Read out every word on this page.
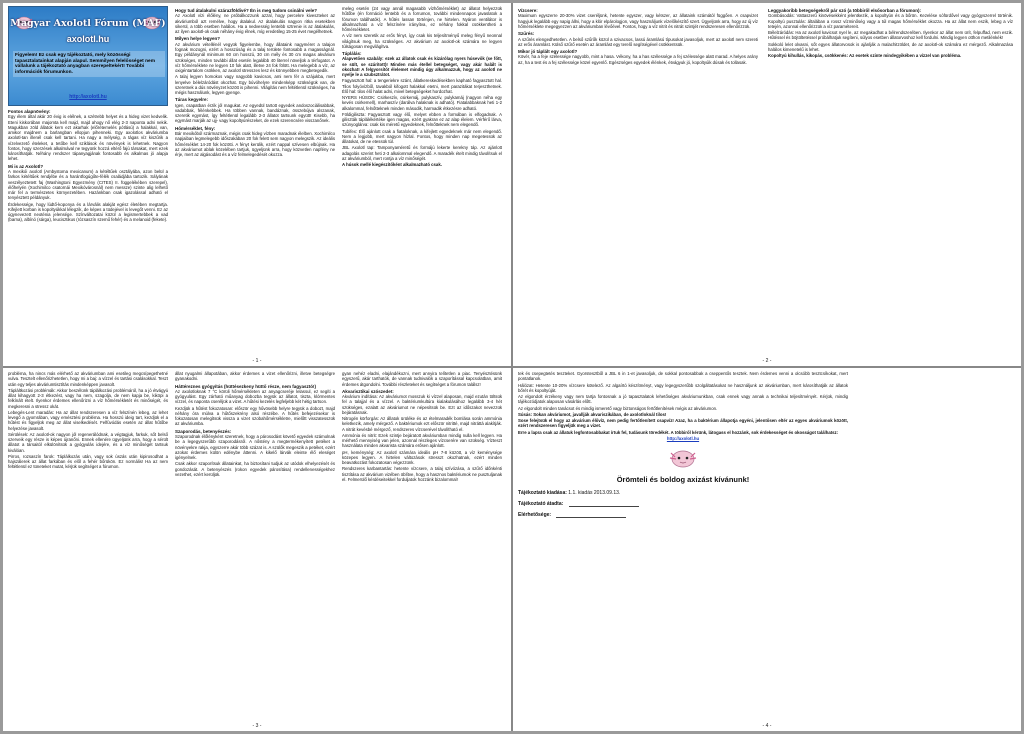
Magyar Axolotl Fórum (MAF)
axolotl.hu
Figyelem! Ez csak egy tájékoztató, mely közösségi tapasztalatainkat alapján alapul. Semmilyen felelősséget nem vállalunk a tájékoztató anyagban szerepeltekért! További információk fórumunkon.
http://axolotl.hu
Fontos alapnövény:

Egy élem által akár 20 évig is elélnek, a szétrebb helyet és a hideg vizet kedvelik. Eteni kiskorában majomta kell majd, majd ahogy nő elég 2-3 naponta adni nekik. Magukban zöld állatok kern ezt akarhak (előrétemelés pótlású) a halakkal, van, amikor majdnem a barlangban ellopjun pihenneki. Egy axolotlos akváriumba axolotl-tan illenél csak kell tartani. Ha nagy a mélység, a tágas víz kiszűrik a vízelvezető ételeket, a tetőbe kell sziklások és növények is lehetnek. Nagyon fontos, hogy szerzések alkalmával ne tegyünk hozzá eltérő fajú társakat, mert ezek károsíthatják. Néhány rendszer tápanyagjának fontosabb és alkalmas jó alapja lehet.

Mi is az Axolotl?

A mexikói axolotl (Ambystoma mexicanum) a kétéltűek osztályába, azon belül a farkos kétéltűek rendjébe és a harántfogúgőte-félék családjába tartozik. Sályának veszélyeztetett faj (Washingtoni Egyezmény (CITES) II. függelékében szerepel), élőhelyén (Xochimilco csatornái Mexikóvárosnál) nem messze) szinte alig lelhető már fel a természetes környezetében. Hazánkban csak igazolással adható el tenyésztett példányuk.

Érdekessége, hogy lúdtő-koponya és a lárvális alakját egész életében megtartja. Kifejlett korban is kopoltyúkkal lélegzik, de képes a tüdejével is levegőt venni. Ez az úgynevezett neoténia jelensége. Színváltozatai közül a legismertebbek a vad (barna), albínó (sárga), leucisztikus (rózsaszín szemű fehér) és a melanoid (fekete).

Hogy tud átalakulni szárazföldivé? Én is meg tudom csinálni vele?

Az Axolotl vízi élőlény, ne próbálkozzunk azzal, hogy percekre kiveszteket az akváriumból azt remélve, hogy átalakul. Az átalakulás nagyon ritka esetekben sikerül, a több esetben halálos. Ha a nedvesség lentebb sztrenie is az átalakulás, az ilyen axolotl-ok csak néhány évig élnek, míg eredetileg 15-25 évet megélhetnek.

Milyen helye legyen?

Az akvárium vétellénél vegyük figyelembe, hogy állataink nagyméret a talajon fognak mozogni, ezért a hosszúság és a talaj területe fontosabb a magasságnál. Egy példánynál minimum 60 cm hosszú, 30 cm mély és 30 cm magas akvárium szükséges, minden további állat esetén legalább 40 literrel növeljük a térfogatot. A víz hőmérséklete ne legyen 10 fok alatt, illetve 24 fok fölött. Ha melegebb a víz, az oxigéntartalom csökken, az axolotl stresszes lesz és könnyebben megbetegedik.

A talaj legyen homokos vagy nagyobb kavicsos, ami nem fér a szájukba, mert lenyelve bélelzáródást okozhat. Egy búvóhelyre mindenképp szükségük van, de szeretnek a dús növényzet között is pihenni. Világítás nem feltétlenül szükséges, ha mégis használunk, legyen gyenge.

Táras kegyelre:

Igen, csapatban érzik jól magukat. Az egyedül tartott egyedek andoszociálisabbak, vadabbak, félénkebbek. Ha többen vannak, bandáznak, összebújva alszanak, szeretik egymást, így feltétlenül legalább 2-3 állatot tartsunk együtt! Kisebb, ha egymást marják az ujj- vagy kopoltyúrészeket, de ezek szerencsére visszanőnek.

Hőmérséklet, fény:

Bár mexikóból származnak, mégis csak hideg vízben maradnak élelben. Xochimilco napjaiban legmelegebb időszakában 20 fok felett sem nagyon melegszik. Az ideális hőmérséklet 14-20 fok közötti. A fényt kerülik, ezért nappal szívesen elbújnak. Ha az akváriumot ablak közelében tartjuk, ügyeljünk arra, hogy közvetlen napfény ne érje, mert az algásodást és a víz felmelegedését okozza.

meleg esetén (24 vagy annál magasabb vízhőmérséklet) az állatot helyezzük hűtőbe (én formáció lentebb és a forrumon, további mindennapos javaslatok a fórumon találhatók). A hűtés lassan történjen, ne hirtelen. Nyáron ventilátor is alkalmazható a víz felszínére irányítva, ez néhány fokkal csökkentheti a hőmérsékletet.

A víz nem szeretik az erős fényt, így csak kis teljesítményű meleg fényű neonnal világítsuk meg, ha szükséges. Az akvárium az axolotl-ok számára ne legyen túlságosan megvilágítva.

Táplálás:

Alapvetően szabály: ezek az állatok csak és kizárólag nyers húsevők (se főtt, se sült, se szárított)! Minden más étellel betegséget, vagy akár halált is okozhat! A felgyorsítót élelemet mindig úgy alkalmazzuk, hogy az axolotl ne nyelje le a szubsztrátot.

Fagyasztott hal: a tengeriekre szánt, állatkereskedésekben kapható fagyasztott hal. Tilos folyóvízből, tavakból kifogott halakkal etetni, mert parazitákat terjeszthetnek. Élő hal: tilos élő halat adni, mivel betegségeket hordozhat.

NYERS HÚSOK: Csirkeszív, csirkemáj, pulykaszív, pulykamáj (nagyon néha egy kevés csirkemell), marhaszív (darálva halaknak is adható). Fiatalabbaknak heti 1-2 alkalommal, felnőtteknek minden második, harmadik étkezésre adható.

Földigiliszta: Fagyasztott vagy élő, melyet ebben a formában is elfogadnak. A giliszták táplálékértéke igen magas, ezért gyakran ez az alap élelem. Vérférő lárva, szúnyoglárva: csak kis méretű egyedeknek, felnőtteknek nem elegendő.

Tubifex: Élő ajánlott csak a fiataloknak, a kifejlett egyedeknek már nem elegendő. Nem a legjobb, mert nagyon hízlal. Fontos, hogy minden nap megetessük az állatokat, de ne etessük túl.

JBL Axolotl tap: Tamponyaméretű és formájú lekerte kerekny táp. Az ajánlott adagolás szerint heti 2-3 alkalommal elegendő. A maradék ételt mindig távolítsuk el az akváriumból, mert rontja a víz minőségét.

A húsok mellé kiegészítőként alkalmazható csak.

- 1 -
Vízcsere:

Maximum egyszerre 20-30% vizet cseréljünk, hetente egyszer, vagy kétszer, az állataink számától függően. A csapvizet hagyjuk legalább egy napig állni, hogy a klór elpárologjon, vagy használjunk vízelőkészítő szert. Ügyeljünk arra, hogy az új víz hőmérséklete megegyezzen az akváriumban lévőével. Fontos, hogy a víz nitrit és nitrát szintjét rendszeresen ellenőrizzük.

Szűrés:

A szűrés elengedhetetlen. A belső szűrők közül a szivacsos, lassú áramlású típusokat javasoljuk, mert az axolotl nem szereti az erős áramlást. Külső szűrő esetén az áramlást egy terelő segítségével csökkentsük.

Mikor jó táplált egy axolotl?

Kövér, ha a feje szélessége nagyobb, mint a hasa. Vékony, ha a has szélessége a fej szélessége alatt marad. A helyes arány az, ha a test és a fej szélessége közel egyenlő. Egészséges egyedek élénkek, étvágyuk jó, kopoltyúik dúsak és tollasak.

Leggyakoribb betegségekről pár szó (a többiről elsősorban a fórumon):

Gombásodás: Vattaszerű kinövésekként jelentkezik, a kopoltyún és a bőrön. Kezelése sófürdővel vagy gyógyszerrel történik. Kopoltyú pusztulás: általában a rossz vízminőség vagy a túl magas hőmérséklet okozza. Ha az állat nem eszik, lebeg a víz tetején, azonnal ellenőrizzük a víz paramétereit.

Bélelzáródás: Ha az axolotl kavicsot nyel le, az megakadhat a bélrendszerében. Ilyenkor az állat nem ürít, felpuffad, nem eszik. Hűtéssel és böjtöltetéssel próbálhatjuk segíteni, súlyos esetben állatorvoshoz kell fordulni. Mindig legyen otthon metilénkék!

Sokkoló lelet olvasni, sőt egyes állatorvosok is ajánlják a malachitzöldet, de az axolotl-ok számára ez mérgező. Alkalmazása halálos kimenetelű is lehet.

Kopoltyú kihullás, kikopás, csökkenés: Az esetek szinte mindegyikében a vízzel van probléma.

- 2 -

probléma, ha nincs más elérhető az akváriumban ami esetileg megcsípegethetné vulva. Tesztelt ellenőrizhetetlen, hogy mi a baj: a vízzel és tartási csalásokkal. Teszt után egy teljes akváriumtisztítás mindenképpen javasolt.

Tápláltkozási problémák: Akkor beszélünk táplálkozási problémáról, ha a jó étvágyú állat kihagyott 2-3 étkezést, vagy ha nem, szagolja, de nem kapja be, kiköpi a felkínált ételt. Ilyenkor érdemes ellenőrizni a víz hőmérsékletét és minőségét, és megkeresni a stressz okát.

Lebegés-Lent maradás: Ha az állat rendszeresen a víz felszínén lebeg, az lehet levegő a gyomrában, vagy emésztési probléma. Ha hosszú ideig tart, kezdjük el a hűtést és figyeljük meg az állat viselkedését. Felfúvódás esetén az állat hűtőbe helyezése javasolt.

Sérülések: Az axolotl-ok nagyon jól regenerálódnak, a végtagjuk, farkuk, sőt belső szerveik egy része is képes újranőni. Ennek ellenére ügyeljünk arra, hogy a sérült állatot a társaitól elkülönítsük a gyógyulás idejére, és a víz minőségét tartsuk kiválóan.

Pirros, rozsaszín farok: Táplálkozás után, vagy sok úszás után kipirosodhat a hajszálerek az állat farkában és elől a fehér bőrükön. Ez normális! Ha az nem feltétlenül ez tüneteket mutat, kérjük segítséget a fórumon.

állat nyugalmi állapotában, akkor érdemes a vizet ellenőrizni, illetve betegségre gyanakodni.

Háttéreznes gyógyítás (hüttésezkeny hüttő része, nem fagyasztó!)

Az axolotloknak 7 °C körüli hőmérsékleten az anyagcseréje lelassul, ez segíti a gyógyulást. Egy zárható műanyag dobozba tegyük az állatot, tiszta, klórmentes vízzel, és naponta cseréljük a vizet. A hűtési kezelés legfeljebb két hétig tartson.

Kezdjük a hűtést fokozatosan: először egy hűvösebb helyre tegyük a dobozt, majd néhány óra múlva a hűtőszekrény alsó részébe. A hűtés befejezésekor is fokozatosan melegítsük vissza a vizet szobahőmérsékletre, mielőtt visszatesszük az akváriumba.

Szaporodás, betenyészés:

Szaporodnak élőlényként szeretnek, hogy a párosodást követő egyedek számolnak be a legegyszerűbb szaporodásról. A nőstény a megtermékenyített petéket a növényekre rakja, egyszerre akár több százat is. A szülők megeszik a petéket, ezért azokat érdemes külön edénybe áttenni. A kikelő lárvák eleinte élő eleséget igényelnek.

Csak akkor szaporítsuk állatainkat, ha biztosítani tudjuk az utódok elhelyezését és gondozását. A betenyészés (rokon egyedek párosítása) rendellenességekhez vezethet, ezért kerüljük.

gyan nehéz eladni, elajándékozni, mert annyira telítetlen a piac. Tenyésztésünk egyszerű, akár tarthatók, de vannak tudnivalók a szaporítással kapcsolatban, amit érdemes átgondolni. További részleteket és segítséget a fórumon találsz!

Akvarisztikai szószedet:

Akvárium indítása: Az akváriumot mosszuk ki vízzel alaposan, majd ezután töltsük fel a talajjal és a vízzel. A baktériumkultúra kialakulásához legalább 3-4 hét szükséges, ezalatt az akváriumot ne népesítsük be. Ezt az időszakot nevezzük bejáratásnak.

Nitrogén körforgás: Az állatok ürüléke és az ételmaradék bomlása során ammónia keletkezik, amely mérgező. A baktériumok ezt először nitritté, majd nitráttá alakítják. A nitrát kevésbé mérgező, rendszeres vízcserével távolítható el.

Ammónia és nitrit: Ezek szintje bejáratott akváriumban mindig nulla kell legyen. Ha mérhető mennyiség van jelen, azonnal részleges vízcserére van szükség. Vízteszt használata minden akvarista számára erősen ajánlott.

pH, keménység: Az axolotl számára ideális pH 7-8 között, a víz keménysége közepes legyen. A hirtelen változások stresszt okozhatnak, ezért minden beavatkozást fokozatosan végezzünk.

Rendszeres karbantartás: hetente vízcsere, a talaj szívózása, a szűrő időnkénti tisztítása az akvárium vizében öblítve, hogy a hasznos baktériumok ne pusztuljanak el. Felmerülő kérdéseitekkel forduljatok hozzánk bizalommal!

- 3 -

tek és csepegtetés teszteket. Gyorstesztből a JBL 6 in 1-et javasoljuk, de sokkal pontosabbak a cseppentős tesztek. Nem érdemes venni a olcsóbb tesztcsíkokat, mert pontatlanok.

Hálózat: Hetente 10-20% vízcsere kötelező. Az algaírtó készítményt, vagy legegyszerűbb szolgáltatásokat ne használjunk az akváriumban, mert károsíthatják az állatok bőrét és kopoltyúját.

Az elgondolt érzékeny vagy nem tartja fontosnak a jó tapasztalatok lehetőséges akváriumunkban, csak ennek vagy annak a technikai teljesítményét. Kérjük, mindig tájékozódjatok alaposan vásárlás előtt.

Az elgondolt minden tanácsot és mindig ismerető vagy biztonságos fertőtlenítések mégis az akváriumon.

Súsás: Sokan akváriumot, javallják akvariszikában, de axolotloknál tilos!

Sose felejtsük el hogy az akvárium élővíz, nem pedig fertőtlenített csapvíz! Azaz, ha a baktérium állapotja egyéni, jelentősen eltér az egyes akváriumok között, ezért rendszeresen figyeljük meg a vizet.

Erre a lapra csak az állatuk legfontosabbakat írtuk fel, tudásunk töredékét. A többiről kérünk, látogass el hozzánk, sok érdekességet és okosságot találhatsz:

http://axolotl.hu

Örömteli és boldog axizást kívánunk!
Tájékoztató kiadása: 1.1. kiadás 2013.09.13.
Tájékoztató átadta:
Elérhetősége:
- 4 -
